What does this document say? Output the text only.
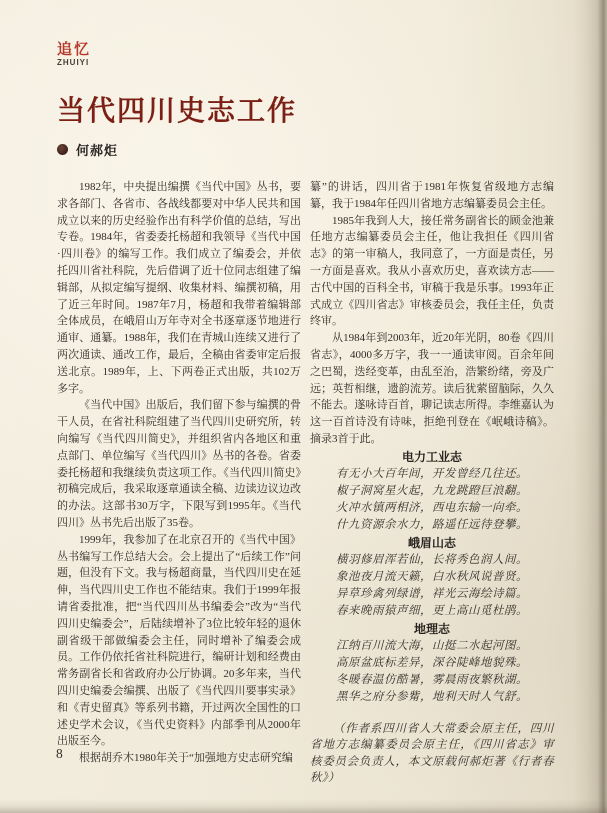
追忆
ZHUIYI
当代四川史志工作
何郝炬

1982年，中央提出编撰《当代中国》丛书，要求各部门、各省市、各战线都要对中华人民共和国成立以来的历史经验作出有科学价值的总结，写出专卷。1984年，省委委托杨超和我领导《当代中国·四川卷》的编写工作。我们成立了编委会，并依托四川省社科院，先后借调了近十位同志组建了编辑部，从拟定编写提纲、收集材料、编撰初稿，用了近三年时间。1987年7月，杨超和我带着编辑部全体成员，在峨眉山万年寺对全书逐章逐节地进行通审、通纂。1988年，我们在青城山连续又进行了两次通读、通改工作，最后，全稿由省委审定后报送北京。1989年，上、下两卷正式出版，共102万多字。

《当代中国》出版后，我们留下参与编撰的骨干人员，在省社科院组建了当代四川史研究所，转向编写《当代四川简史》，并组织省内各地区和重点部门、单位编写《当代四川》丛书的各卷。省委委托杨超和我继续负责这项工作。《当代四川简史》初稿完成后，我采取逐章通读全稿、边读边议边改的办法。这部书30万字，下限写到1995年。《当代四川》丛书先后出版了35卷。

1999年，我参加了在北京召开的《当代中国》丛书编写工作总结大会。会上提出了“后续工作”问题，但没有下文。我与杨超商量，当代四川史在延伸，当代四川史工作也不能结束。我们于1999年报请省委批准，把“当代四川丛书编委会”改为“当代四川史编委会”，后陆续增补了3位比较年轻的退休副省级干部做编委会主任，同时增补了编委会成员。工作仍依托省社科院进行，编研计划和经费由常务副省长和省政府办公厅协调。20多年来，当代四川史编委会编撰、出版了《当代四川要事实录》和《青史留真》等系列书籍，开过两次全国性的口述史学术会议，《当代史资料》内部季刊从2000年出版至今。

根据胡乔木1980年关于“加强地方史志研究编

纂”的讲话，四川省于1981年恢复省级地方志编纂，我于1984年任四川省地方志编纂委员会主任。

1985年我到人大，接任常务副省长的顾金池兼任地方志编纂委员会主任，他让我担任《四川省志》的第一审稿人，我同意了，一方面是责任，另一方面是喜欢。我从小喜欢历史，喜欢读方志——古代中国的百科全书，审稿于我是乐事。1993年正式成立《四川省志》审核委员会，我任主任，负责终审。

从1984年到2003年，近20年光阴，80卷《四川省志》，4000多万字，我一一通读审阅。百余年间之巴蜀，迭经变革，由乱至治，浩繁纷绪，旁及广远；英哲相继，遗韵流芳。读后犹萦留脑际，久久不能去。遂咏诗百首，聊记读志所得。李维嘉认为这一百首诗没有诗味，拒绝刊登在《岷峨诗稿》。摘录3首于此。

电力工业志
有无小大百年间，开发曾经几往还。
椒子洞窝星火起，九龙跳蹬巨浪翻。
火冲水镇两相济，西电东输一向牵。
什九资源余水力，路遥任远待登攀。
峨眉山志
横羽修眉浑若仙，长将秀色润人间。
象池夜月流天籁，白水秋风说普贤。
异草珍禽列绿谱，祥光云海绘诗篇。
春来晚雨猿声细，更上高山觅杜鹃。
地理志
江纳百川流大海，山挺二水起河图。
高原盆底标差异，深谷陡峰地貌殊。
冬暖春温仿酷暑，雾晨雨夜繁秋湖。
黑华之府分参觜，地利天时人气舒。

（作者系四川省人大常委会原主任，四川省地方志编纂委员会原主任，《四川省志》审核委员会负责人，本文原载何郝炬著《行者春秋》）

8
